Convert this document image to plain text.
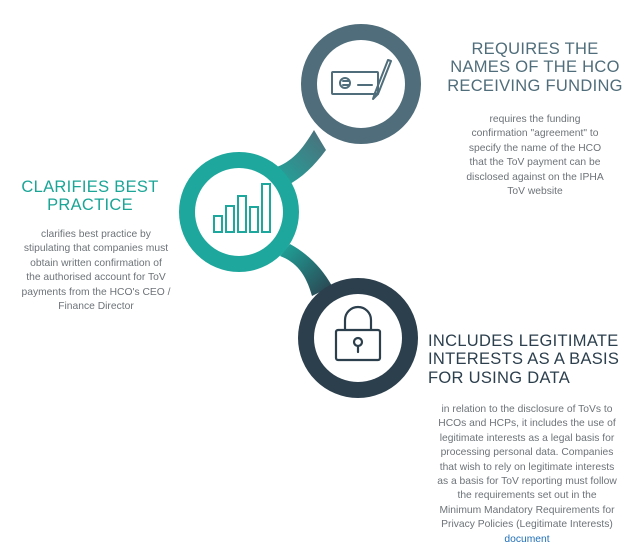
REQUIRES THE
NAMES OF THE HCO
RECEIVING FUNDING
requires the funding
confirmation "agreement" to
specify the name of the HCO
that the ToV payment can be
disclosed against on the IPHA
ToV website
CLARIFIES BEST
PRACTICE
clarifies best practice by
stipulating that companies must
obtain written confirmation of
the authorised account for ToV
payments from the HCO's CEO /
Finance Director
INCLUDES LEGITIMATE
INTERESTS AS A BASIS
FOR USING DATA
in relation to the disclosure of ToVs to
HCOs and HCPs, it includes the use of
legitimate interests as a legal basis for
processing personal data. Companies
that wish to rely on legitimate interests
as a basis for ToV reporting must follow
the requirements set out in the
Minimum Mandatory Requirements for
Privacy Policies (Legitimate Interests)
document
